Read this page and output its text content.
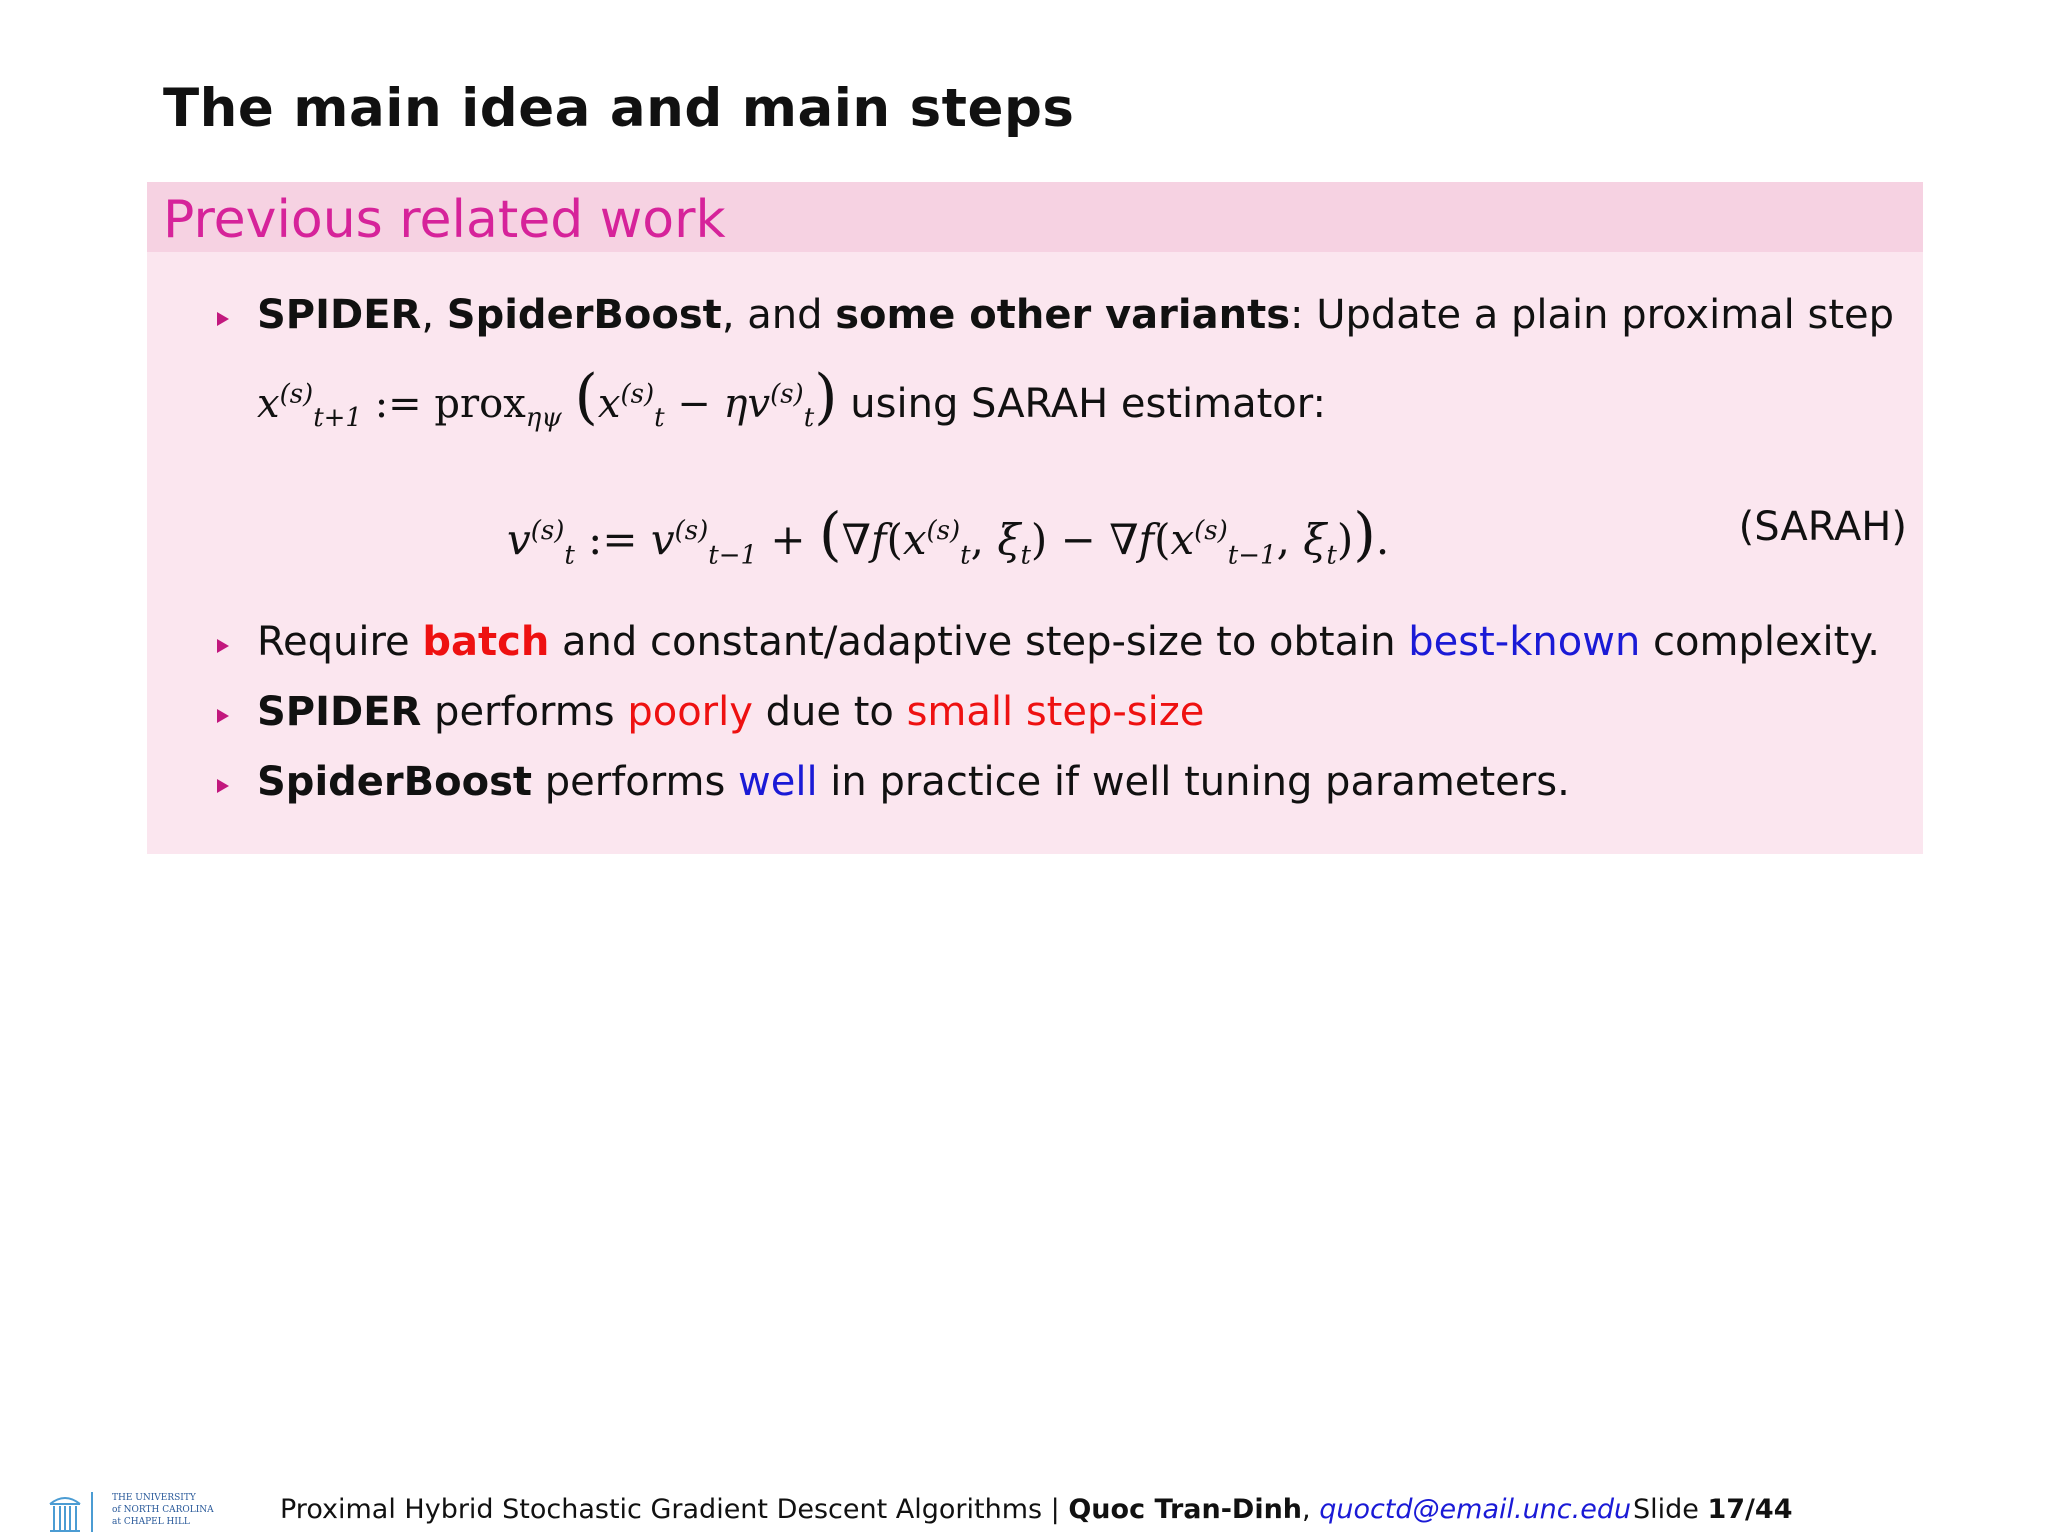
The main idea and main steps
Previous related work
SPIDER, SpiderBoost, and some other variants: Update a plain proximal step
$x^{(s)}_{t+1}$ := prox$_{\eta\psi}$ $(x^{(s)}_t - \eta v^{(s)}_t)$ using SARAH estimator:
$v^{(s)}_t$ := $v^{(s)}_{t-1} + (\nabla f(x^{(s)}_t$, $\xi_t) - \nabla f(x^{(s)}_{t-1}$, $\xi_t$)).	(SARAH)
Require batch and constant/adaptive step-size to obtain best-known complexity.
SPIDER performs poorly due to small step-size
SpiderBoost performs well in practice if well tuning parameters.
THE UNIVERSITY
of NORTH CAROLINA
at CHAPEL HILL	Proximal Hybrid Stochastic Gradient Descent Algorithms | Quoc Tran-Dinh, quoctd@email.unc.edu Slide 17/44
